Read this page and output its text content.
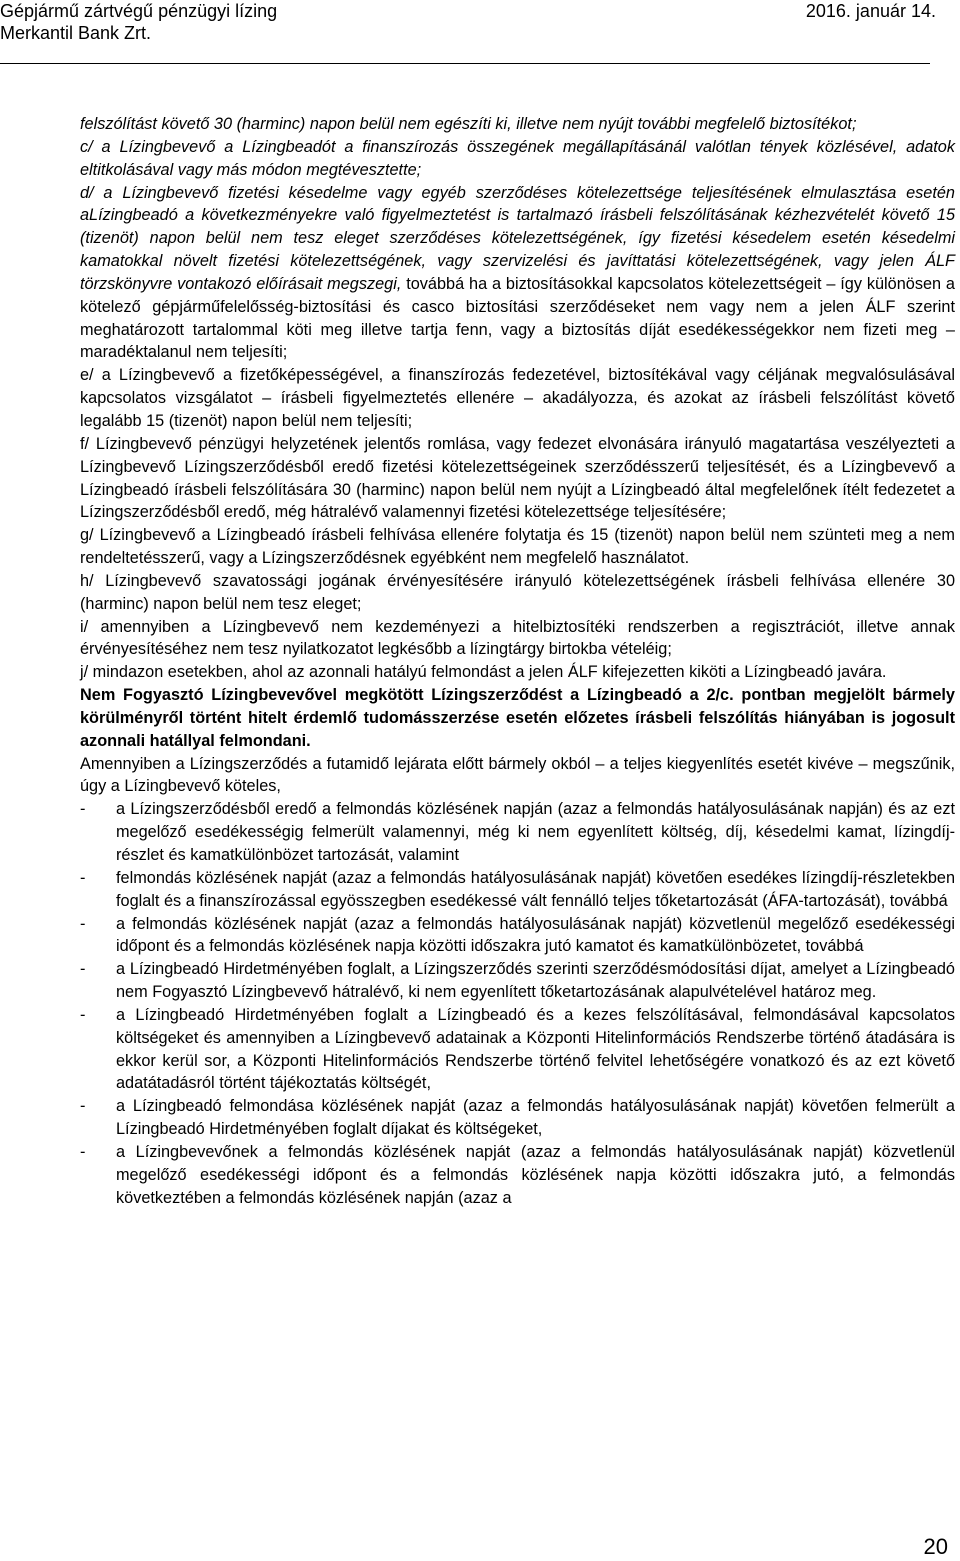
Gépjármű zártvégű pénzügyi lízing
Merkantil Bank Zrt.
2016. január 14.

felszólítást követő 30 (harminc) napon belül nem egészíti ki, illetve nem nyújt további megfelelő biztosítékot;

c/ a Lízingbevevő a Lízingbeadót a finanszírozás összegének megállapításánál valótlan tények közlésével, adatok eltitkolásával vagy más módon megtévesztette;

d/ a Lízingbevevő fizetési késedelme vagy egyéb szerződéses kötelezettsége teljesítésének elmulasztása esetén aLízingbeadó a következményekre való figyelmeztetést is tartalmazó írásbeli felszólításának kézhezvételét követő 15 (tizenöt) napon belül nem tesz eleget szerződéses kötelezettségének, így fizetési késedelem esetén késedelmi kamatokkal növelt fizetési kötelezettségének, vagy szervizelési és javíttatási kötelezettségének, vagy jelen ÁLF törzskönyvre vontakozó előírásait megszegi, továbbá ha a biztosításokkal kapcsolatos kötelezettségeit – így különösen a kötelező gépjárműfelelősség-biztosítási és casco biztosítási szerződéseket nem vagy nem a jelen ÁLF szerint meghatározott tartalommal köti meg illetve tartja fenn, vagy a biztosítás díját esedékességekkor nem fizeti meg – maradéktalanul nem teljesíti;

e/ a Lízingbevevő a fizetőképességével, a finanszírozás fedezetével, biztosítékával vagy céljának megvalósulásával kapcsolatos vizsgálatot – írásbeli figyelmeztetés ellenére – akadályozza, és azokat az írásbeli felszólítást követő legalább 15 (tizenöt) napon belül nem teljesíti;

f/ Lízingbevevő pénzügyi helyzetének jelentős romlása, vagy fedezet elvonására irányuló magatartása veszélyezteti a Lízingbevevő Lízingszerződésből eredő fizetési kötelezettségeinek szerződésszerű teljesítését, és a Lízingbevevő a Lízingbeadó írásbeli felszólítására 30 (harminc) napon belül nem nyújt a Lízingbeadó által megfelelőnek ítélt fedezetet a Lízingszerződésből eredő, még hátralévő valamennyi fizetési kötelezettsége teljesítésére;

g/ Lízingbevevő a Lízingbeadó írásbeli felhívása ellenére folytatja és 15 (tizenöt) napon belül nem szünteti meg a nem rendeltetésszerű, vagy a Lízingszerződésnek egyébként nem megfelelő használatot.

h/ Lízingbevevő szavatossági jogának érvényesítésére irányuló kötelezettségének írásbeli felhívása ellenére 30 (harminc) napon belül nem tesz eleget;

i/ amennyiben a Lízingbevevő nem kezdeményezi a hitelbiztosítéki rendszerben a regisztrációt, illetve annak érvényesítéséhez nem tesz nyilatkozatot legkésőbb a lízingtárgy birtokba vételéig;

j/ mindazon esetekben, ahol az azonnali hatályú felmondást a jelen ÁLF kifejezetten kiköti a Lízingbeadó javára.

Nem Fogyasztó Lízingbevevővel megkötött Lízingszerződést a Lízingbeadó a 2/c. pontban megjelölt bármely körülményről történt hitelt érdemlő tudomásszerzése esetén előzetes írásbeli felszólítás hiányában is jogosult azonnali hatállyal felmondani.

Amennyiben a Lízingszerződés a futamidő lejárata előtt bármely okból – a teljes kiegyenlítés esetét kivéve – megszűnik, úgy a Lízingbevevő köteles,

- a Lízingszerződésből eredő a felmondás közlésének napján (azaz a felmondás hatályosulásának napján) és az ezt megelőző esedékességig felmerült valamennyi, még ki nem egyenlített költség, díj, késedelmi kamat, lízingdíj-részlet és kamatkülönbözet tartozását, valamint
- felmondás közlésének napját (azaz a felmondás hatályosulásának napját) követően esedékes lízingdíj-részletekben foglalt és a finanszírozással egyösszegben esedékessé vált fennálló teljes tőketartozását (ÁFA-tartozását), továbbá
- a felmondás közlésének napját (azaz a felmondás hatályosulásának napját) közvetlenül megelőző esedékességi időpont és a felmondás közlésének napja közötti időszakra jutó kamatot és kamatkülönbözetet, továbbá
- a Lízingbeadó Hirdetményében foglalt, a Lízingszerződés szerinti szerződésmódosítási díjat, amelyet a Lízingbeadó nem Fogyasztó Lízingbevevő hátralévő, ki nem egyenlített tőketartozásának alapulvételével határoz meg.
- a Lízingbeadó Hirdetményében foglalt a Lízingbeadó és a kezes felszólításával, felmondásával kapcsolatos költségeket és amennyiben a Lízingbevevő adatainak a Központi Hitelinformációs Rendszerbe történő átadására is ekkor kerül sor, a Központi Hitelinformációs Rendszerbe történő felvitel lehetőségére vonatkozó és az ezt követő adatátadásról történt tájékoztatás költségét,
- a Lízingbeadó felmondása közlésének napját (azaz a felmondás hatályosulásának napját) követően felmerült a Lízingbeadó Hirdetményében foglalt díjakat és költségeket,
- a Lízingbevevőnek a felmondás közlésének napját (azaz a felmondás hatályosulásának napját) közvetlenül megelőző esedékességi időpont és a felmondás közlésének napja közötti időszakra jutó, a felmondás következtében a felmondás közlésének napján (azaz a
20
